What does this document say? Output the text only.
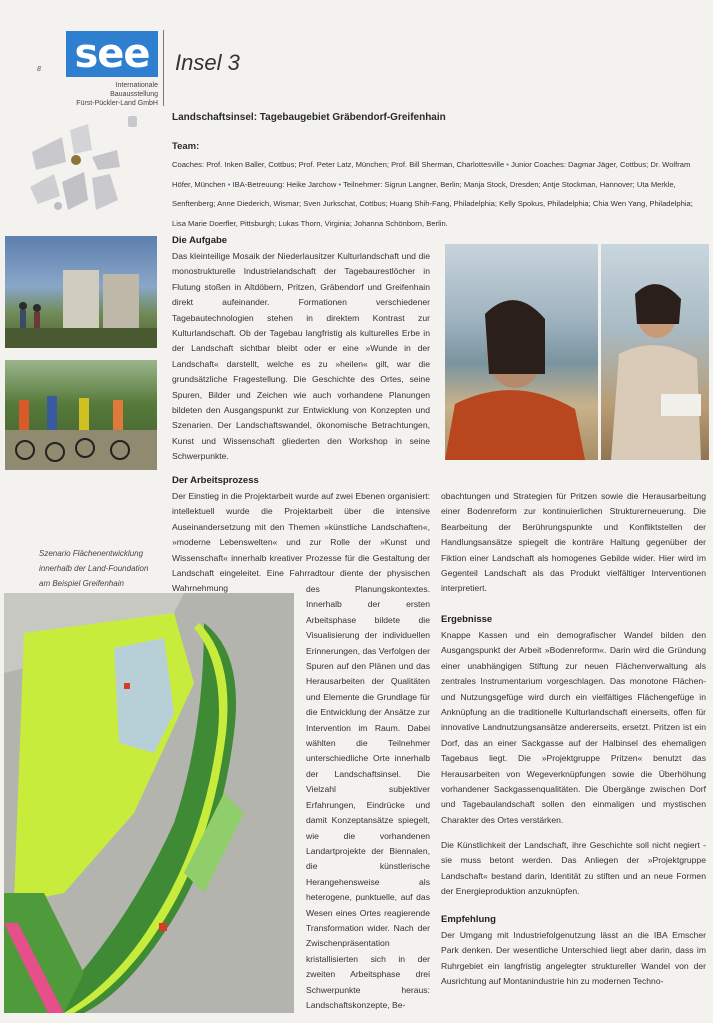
8 see
Internationale Bauausstellung
Fürst-Pückler-Land GmbH
Insel 3
Landschaftsinsel: Tagebaugebiet Gräbendorf-Greifenhain
Team:
Coaches: Prof. Inken Baller, Cottbus; Prof. Peter Latz, München; Prof. Bill Sherman, Charlottesville • Junior Coaches: Dagmar Jäger, Cottbus; Dr. Wolfram Höfer, München • IBA-Betreuung: Heike Jarchow • Teilnehmer: Sigrun Langner, Berlin; Manja Stock, Dresden; Antje Stockman, Hannover; Uta Merkle, Senftenberg; Anne Diederich, Wismar; Sven Jurkschat, Cottbus; Huang Shih-Fang, Philadelphia; Kelly Spokus, Philadelphia; Chia Wen Yang, Philadelphia; Lisa Marie Doerfler, Pittsburgh; Lukas Thorn, Virginia; Johanna Schönborn, Berlin.
Die Aufgabe
Das kleinteilige Mosaik der Niederlausitzer Kulturlandschaft und die monostrukturelle Industrielandschaft der Tagebaurestlöcher in Flutung stoßen in Altdöbern, Pritzen, Gräbendorf und Greifenhain direkt aufeinander. Formationen verschiedener Tagebautechnologien stehen in direktem Kontrast zur Kulturlandschaft. Ob der Tagebau langfristig als kulturelles Erbe in der Landschaft sichtbar bleibt oder er eine »Wunde in der Landschaft« darstellt, welche es zu »heilen« gilt, war die grundsätzliche Fragestellung. Die Geschichte des Ortes, seine Spuren, Bilder und Zeichen wie auch vorhandene Planungen bildeten den Ausgangspunkt zur Entwicklung von Konzepten und Szenarien. Der Landschaftswandel, ökonomische Betrachtungen, Kunst und Wissenschaft gliederten den Workshop in seine Schwerpunkte.
Der Arbeitsprozess
Der Einstieg in die Projektarbeit wurde auf zwei Ebenen organisiert: intellektuell wurde die Projektarbeit über die intensive Auseinandersetzung mit den Themen »künstliche Landschaften«, »moderne Lebenswelten« und zur Rolle der »Kunst und Wissenschaft« innerhalb kreativer Prozesse für die Gestaltung der Landschaft eingeleitet. Eine Fahrradtour diente der physischen Wahrnehmung	des Planungskontextes. Innerhalb der ersten Arbeitsphase bildete die Visualisierung der individuellen Erinnerungen, das Verfolgen der Spuren auf den Plänen und das Herausarbeiten der Qualitäten und Elemente die Grundlage für die Entwicklung der Ansätze zur Intervention im Raum. Dabei wählten die Teilnehmer unterschiedliche Orte innerhalb der Landschaftsinsel. Die Vielzahl subjektiver Erfahrungen, Eindrücke und damit Konzeptansätze spiegelt, wie die vorhandenen Landartprojekte der Biennalen, die künstlerische Herangehensweise als heterogene, punktuelle, auf das Wesen eines Ortes reagierende Transformation wider. Nach der Zwischenpräsentation kristallisierten sich in der zweiten Arbeitsphase drei Schwerpunkte heraus: Landschaftskonzepte, Be-
Szenario Flächenentwicklung innerhalb der Land-Foundation am Beispiel Greifenhain
obachtungen und Strategien für Pritzen sowie die Herausarbeitung einer Bodenreform zur kontinuierlichen Strukturerneuerung. Die Bearbeitung der Berührungspunkte und Konfliktstellen der Handlungsansätze spiegelt die konträre Haltung gegenüber der Fiktion einer Landschaft als homogenes Gebilde wider. Hier wird im Gegenteil Landschaft als das Produkt vielfältiger Interventionen interpretiert.
Ergebnisse
Knappe Kassen und ein demografischer Wandel bilden den Ausgangspunkt der Arbeit »Bodenreform«. Darin wird die Gründung einer unabhängigen Stiftung zur neuen Flächenverwaltung als zentrales Instrumentarium vorgeschlagen. Das monotone Flächen- und Nutzungsgefüge wird durch ein vielfältiges Flächengefüge in Anknüpfung an die traditionelle Kulturlandschaft einerseits, offen für innovative Landnutzungsansätze andererseits, ersetzt. Pritzen ist ein Dorf, das an einer Sackgasse auf der Halbinsel des ehemaligen Tagebaus liegt. Die »Projektgruppe Pritzen« benutzt das Herausarbeiten von Wegeverknüpfungen sowie die Überhöhung vorhandener Sackgassenqualitäten. Die Übergänge zwischen Dorf und Tagebaulandschaft sollen den einmaligen und mystischen Charakter des Ortes verstärken.
Die Künstlichkeit der Landschaft, ihre Geschichte soll nicht negiert - sie muss betont werden. Das Anliegen der »Projektgruppe Landschaft« bestand darin, Identität zu stiften und an neue Formen der Energieproduktion anzuknüpfen.
Empfehlung
Der Umgang mit Industriefolgenutzung lässt an die IBA Emscher Park denken. Der wesentliche Unterschied liegt aber darin, dass im Ruhrgebiet ein langfristig angelegter struktureller Wandel von der Ausrichtung auf Montanindustrie hin zu modernen Techno-
